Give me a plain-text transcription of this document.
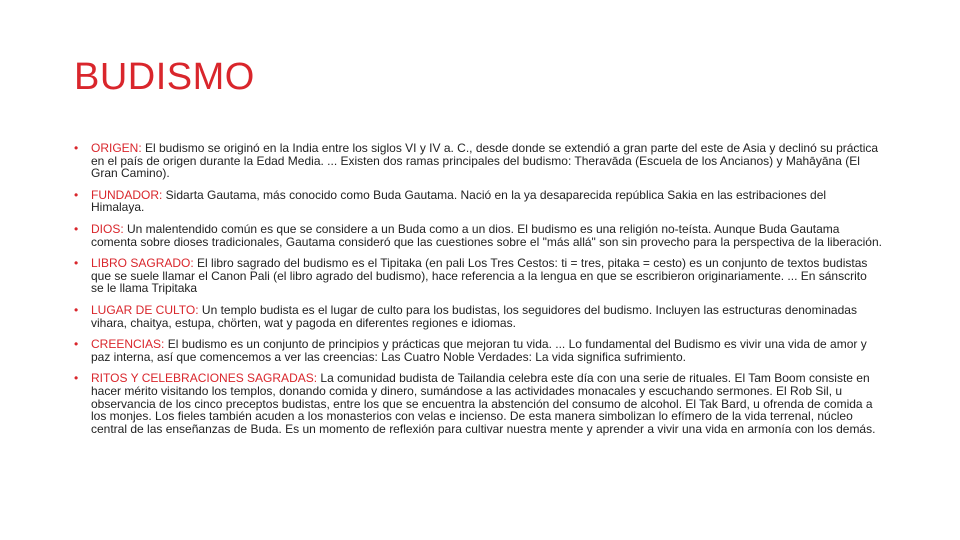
BUDISMO
• ORIGEN: El budismo se originó en la India entre los siglos VI y IV a. C., desde donde se extendió a gran parte del este de Asia y declinó su práctica en el país de origen durante la Edad Media. ... Existen dos ramas principales del budismo: Theravāda (Escuela de los Ancianos) y Mahāyāna (El Gran Camino).
• FUNDADOR: Sidarta Gautama, más conocido como Buda Gautama. Nació en la ya desaparecida república Sakia en las estribaciones del Himalaya.
• DIOS: Un malentendido común es que se considere a un Buda como a un dios. El budismo es una religión no-teísta. Aunque Buda Gautama comenta sobre dioses tradicionales, Gautama consideró que las cuestiones sobre el "más allá" son sin provecho para la perspectiva de la liberación.
• LIBRO SAGRADO: El libro sagrado del budismo es el Tipitaka (en pali Los Tres Cestos: ti = tres, pitaka = cesto) es un conjunto de textos budistas que se suele llamar el Canon Pali (el libro agrado del budismo), hace referencia a la lengua en que se escribieron originariamente. ... En sánscrito se le llama Tripitaka
• LUGAR DE CULTO: Un templo budista es el lugar de culto para los budistas, los seguidores del budismo. Incluyen las estructuras denominadas vihara, chaitya, estupa, chörten, wat y pagoda en diferentes regiones e idiomas.
• CREENCIAS: El budismo es un conjunto de principios y prácticas que mejoran tu vida. ... Lo fundamental del Budismo es vivir una vida de amor y paz interna, así que comencemos a ver las creencias: Las Cuatro Noble Verdades: La vida significa sufrimiento.
• RITOS Y CELEBRACIONES SAGRADAS: La comunidad budista de Tailandia celebra este día con una serie de rituales. El Tam Boom consiste en hacer mérito visitando los templos, donando comida y dinero, sumándose a las actividades monacales y escuchando sermones. El Rob Sil, u observancia de los cinco preceptos budistas, entre los que se encuentra la abstención del consumo de alcohol. El Tak Bard, u ofrenda de comida a los monjes. Los fieles también acuden a los monasterios con velas e incienso. De esta manera simbolizan lo efímero de la vida terrenal, núcleo central de las enseñanzas de Buda. Es un momento de reflexión para cultivar nuestra mente y aprender a vivir una vida en armonía con los demás.
